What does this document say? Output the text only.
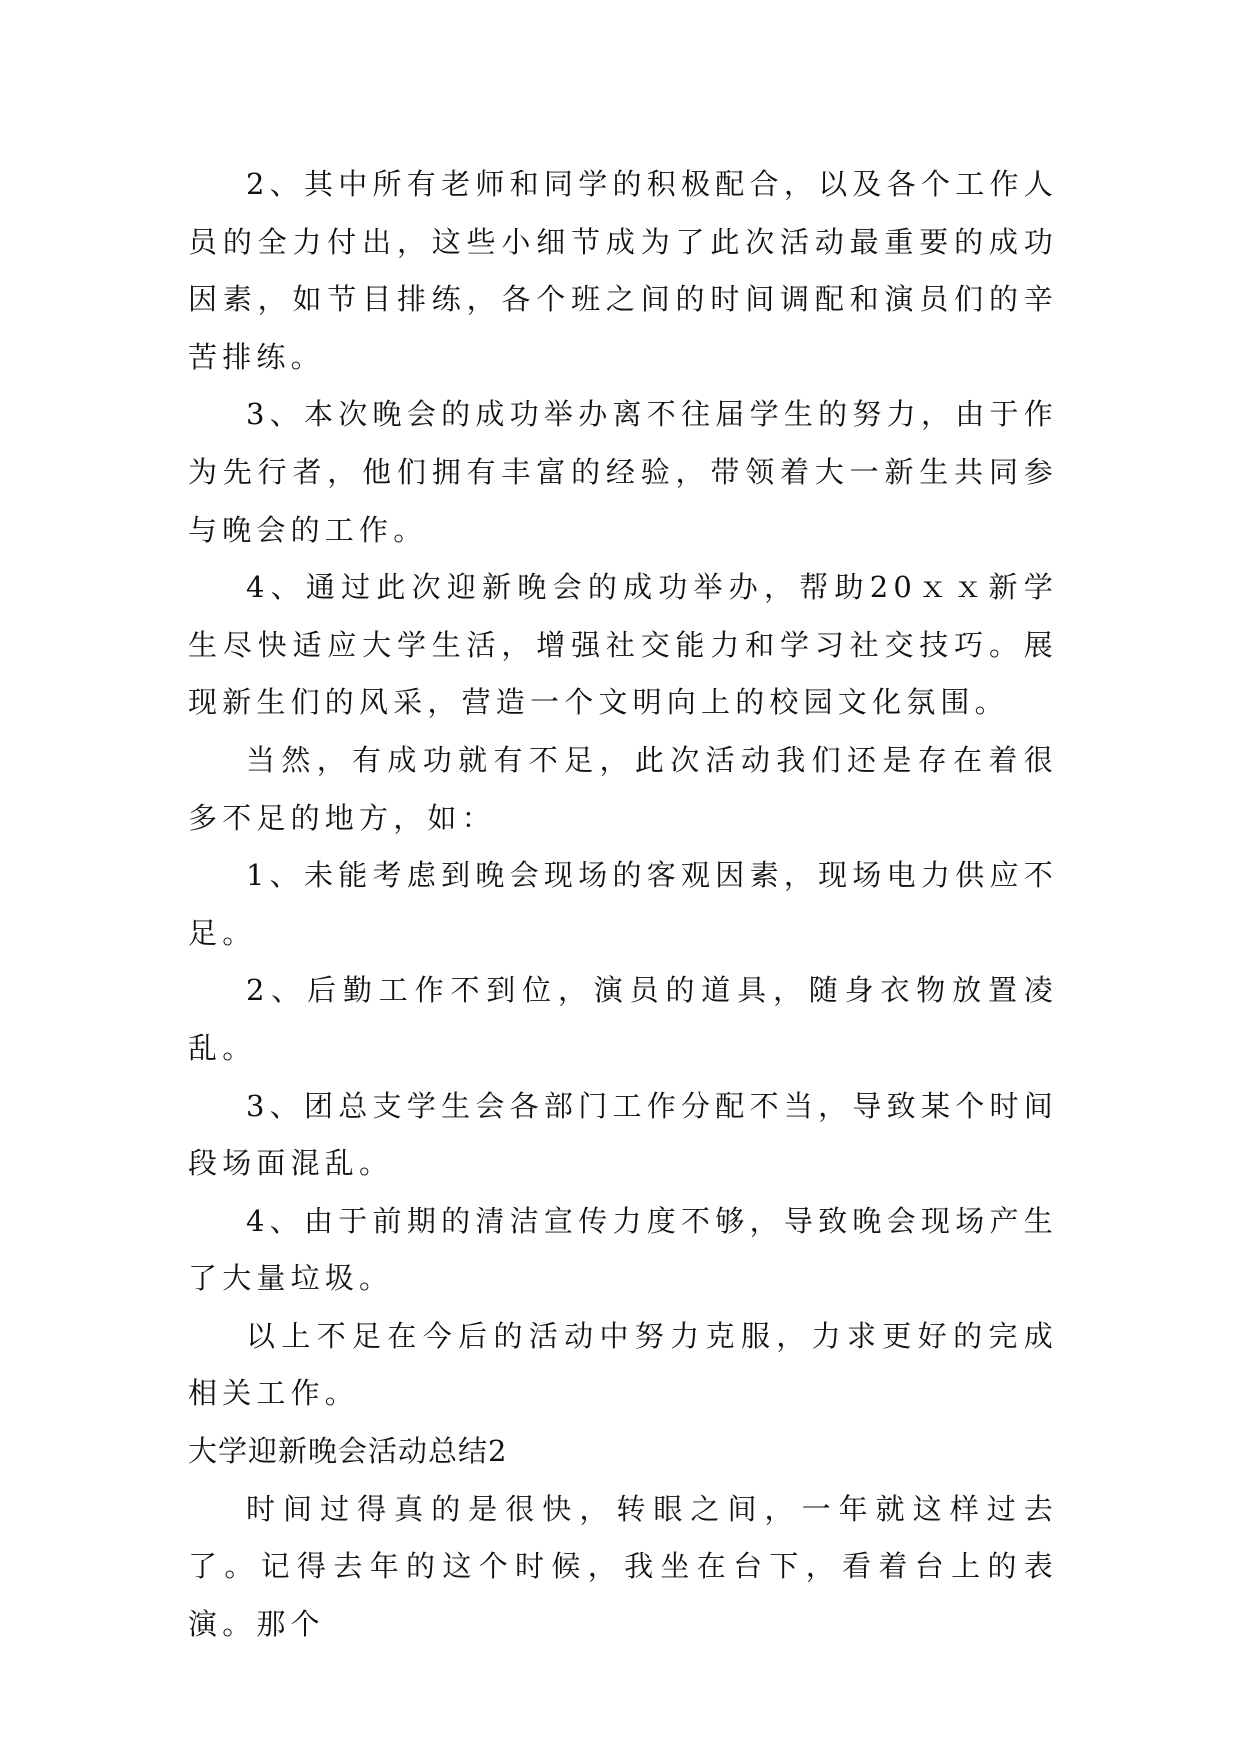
2、其中所有老师和同学的积极配合，以及各个工作人员的全力付出，这些小细节成为了此次活动最重要的成功因素，如节目排练，各个班之间的时间调配和演员们的辛苦排练。

3、本次晚会的成功举办离不往届学生的努力，由于作为先行者，他们拥有丰富的经验，带领着大一新生共同参与晚会的工作。

4、通过此次迎新晚会的成功举办，帮助20ｘｘ新学生尽快适应大学生活，增强社交能力和学习社交技巧。展现新生们的风采，营造一个文明向上的校园文化氛围。

当然，有成功就有不足，此次活动我们还是存在着很多不足的地方，如：

1、未能考虑到晚会现场的客观因素，现场电力供应不足。

2、后勤工作不到位，演员的道具，随身衣物放置凌乱。

3、团总支学生会各部门工作分配不当，导致某个时间段场面混乱。

4、由于前期的清洁宣传力度不够，导致晚会现场产生了大量垃圾。

以上不足在今后的活动中努力克服，力求更好的完成相关工作。

大学迎新晚会活动总结2

时间过得真的是很快，转眼之间，一年就这样过去了。记得去年的这个时候，我坐在台下，看着台上的表演。那个
